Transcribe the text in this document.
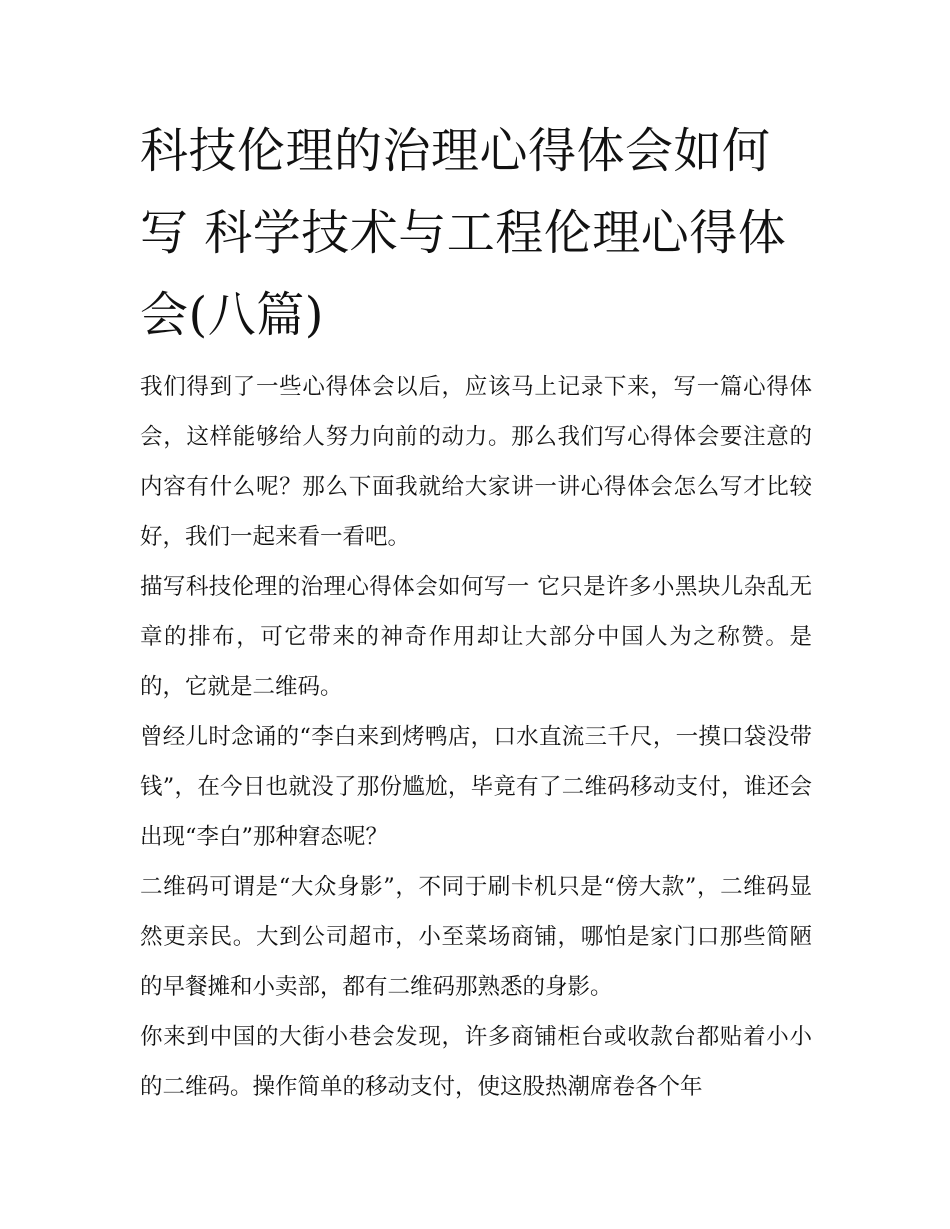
科技伦理的治理心得体会如何写 科学技术与工程伦理心得体会(八篇)

我们得到了一些心得体会以后，应该马上记录下来，写一篇心得体会，这样能够给人努力向前的动力。那么我们写心得体会要注意的内容有什么呢？那么下面我就给大家讲一讲心得体会怎么写才比较好，我们一起来看一看吧。

描写科技伦理的治理心得体会如何写一 它只是许多小黑块儿杂乱无章的排布，可它带来的神奇作用却让大部分中国人为之称赞。是的，它就是二维码。

曾经儿时念诵的“李白来到烤鸭店，口水直流三千尺，一摸口袋没带钱”，在今日也就没了那份尴尬，毕竟有了二维码移动支付，谁还会出现“李白”那种窘态呢？

二维码可谓是“大众身影”，不同于刷卡机只是“傍大款”，二维码显然更亲民。大到公司超市，小至菜场商铺，哪怕是家门口那些简陋的早餐摊和小卖部，都有二维码那熟悉的身影。

你来到中国的大街小巷会发现，许多商铺柜台或收款台都贴着小小的二维码。操作简单的移动支付，使这股热潮席卷各个年
